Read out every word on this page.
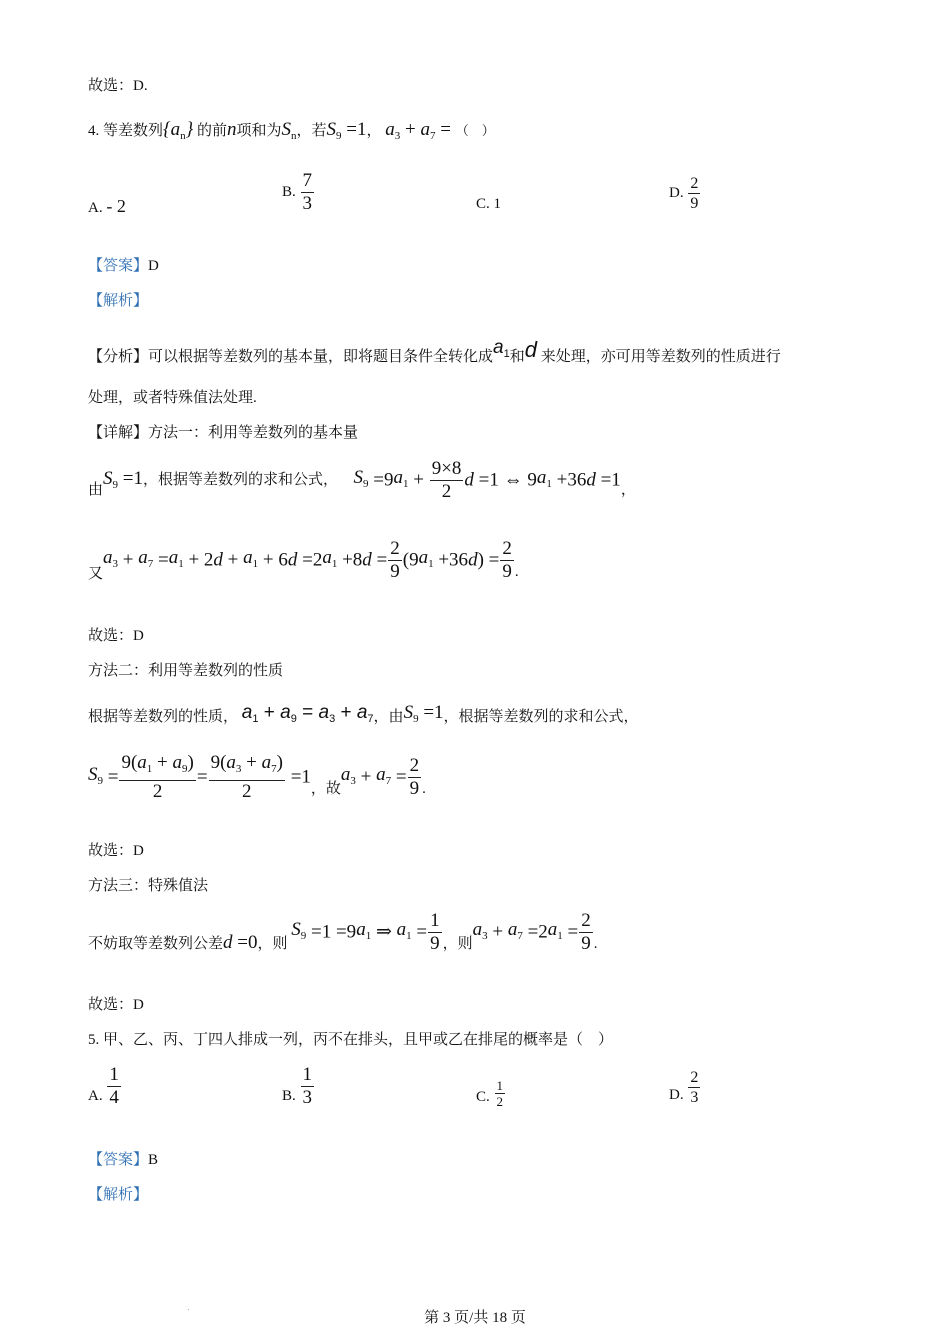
故选：D.
4. 等差数列$\{a_n\}$ 的前n项和为$S_n$，若$S_9 =1$， $a_3 + a_7$ = （　）
A. - 2
B. $\frac{7}{3}$	C. 1
D. $\frac{2}{9}$
【答案】D
【解析】
【分析】可以根据等差数列的基本量，即将题目条件全转化成$a_1$和d 来处理，亦可用等差数列的性质进行
处理，或者特殊值法处理.
【详解】方法一：利用等差数列的基本量
由$S_9 =1$，根据等差数列的求和公式， $S_9 =9a_1 + \frac{9\times 8}{2}$ d =1 ⇔ $9a_1 +36d =1$，
又$a_3 + a_7 =a_1 + 2d + a_1 + 6d =2a_1 +8d = \frac{2}{9} (9a_1 +36d) = \frac{2}{9}$ .
故选：D
方法二：利用等差数列的性质
根据等差数列的性质， $a_1 + a_9 = a_3 + a_7$，由$S_9 =1$，根据等差数列的求和公式，
$S_9 = \frac{9(a_1 + a_9)}{2} = \frac{9(a_3 + a_7)}{2} =1$，故$a_3 + a_7 = \frac{2}{9}$ .
故选：D
方法三：特殊值法
不妨取等差数列公差d =0，则 $S_9 =1 =9a_1$ ⇒ $a_1 = \frac{1}{9}$ ，则$a_3 + a_7 =2a_1 = \frac{2}{9}$ .
故选：D
5. 甲、乙、丙、丁四人排成一列，丙不在排头，且甲或乙在排尾的概率是（　）
A. $\frac{1}{4}$	B. $\frac{1}{3}$	C. $\frac{1}{2}$	D. $\frac{2}{3}$
【答案】B
【解析】
第 3 页/共 18 页
